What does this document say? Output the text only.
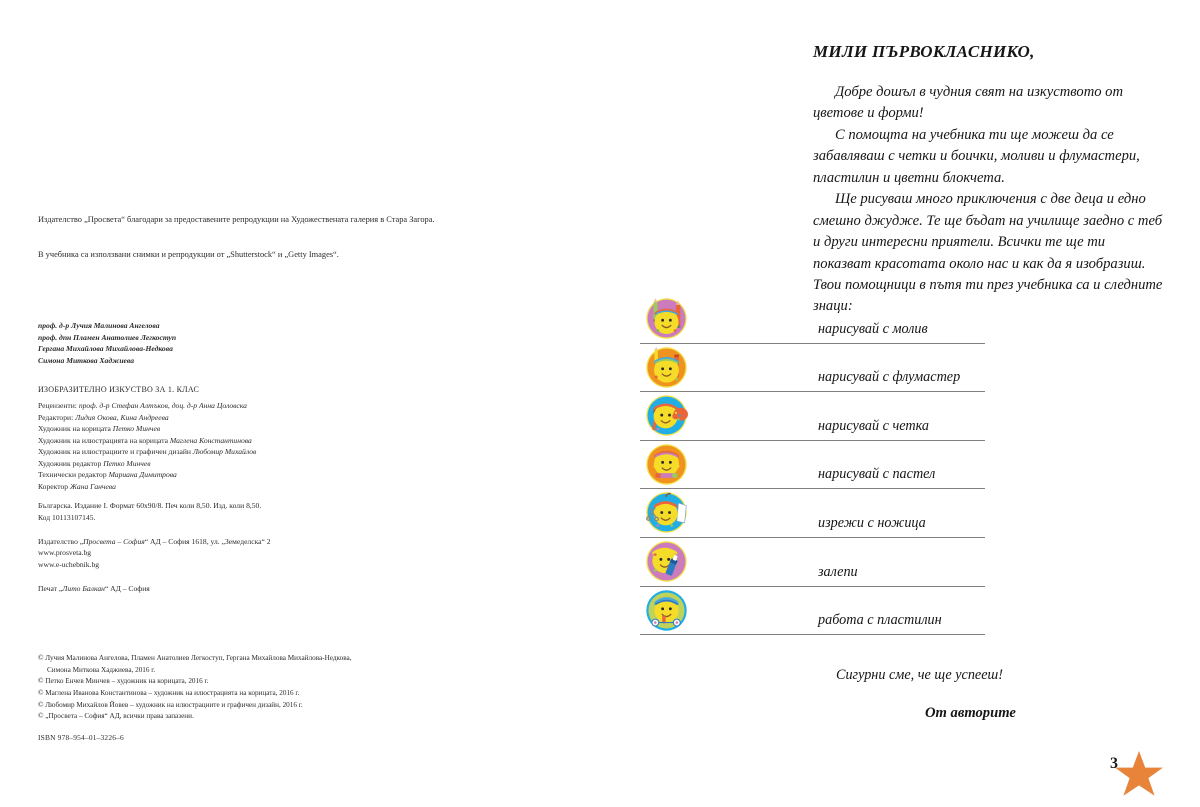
Издателство „Просвета“ благодари за предоставените репродукции на Художествената галерия в Стара Загора.
В учебника са използвани снимки и репродукции от „Shutterstock“ и „Getty Images“.
проф. д-р Лучия Малинова Ангелова
проф. дпн Пламен Анатолиев Легкоступ
Гергана Михайлова Михайлова-Недкова
Симона Миткова Хаджиева
ИЗОБРАЗИТЕЛНО ИЗКУСТВО ЗА 1. КЛАС
Рецензенти: проф. д-р Стефан Алтъков, доц. д-р Анна Цоловска
Редактори: Лидия Окова, Кина Андреева
Художник на корицата Петко Минчев
Художник на илюстрацията на корицата Маглена Константинова
Художник на илюстрациите и графичен дизайн Любомир Михайлов
Художник редактор Петко Минчев
Технически редактор Мариана Димитрова
Коректор Жана Ганчева
Българска. Издание I. Формат 60х90/8. Печ коли 8,50. Изд. коли 8,50.
Код 10113107145.
Издателство „Просвета – София“ АД – София 1618, ул. „Земеделска“ 2
www.prosveta.bg
www.e-uchebnik.bg
Печат „Лито Балкан“ АД – София
© Лучия Малинова Ангелова, Пламен Анатолиев Легкоступ, Гергана Михайлова Михайлова-Недкова,
Симона Миткова Хаджиева, 2016 г.
© Петко Енчев Минчев – художник на корицата, 2016 г.
© Маглена Иванова Константинова – художник на илюстрацията на корицата, 2016 г.
© Любомир Михайлов Йовев – художник на илюстрациите и графичен дизайн, 2016 г.
© „Просвета – София“ АД, всички права запазени.
ISBN 978–954–01–3226–6
МИЛИ ПЪРВОКЛАСНИКО,

Добре дошъл в чудния свят на изкуството от цветове и форми!

С помощта на учебника ти ще можеш да се забавляваш с четки и боички, моливи и флумастери, пластилин и цветни блокчета.

Ще рисуваш много приключения с две деца и едно смешно джудже. Те ще бъдат на училище заедно с теб и други интересни приятели. Всички те ще ти показват красотата около нас и как да я изобразиш. Твои помощници в пътя ти през учебника са и следните знаци:

нарисувай с молив
нарисувай с флумастер
нарисувай с четка
нарисувай с пастел
изрежи с ножица
залепи
работа с пластилин
Сигурни сме, че ще успееш!
От авторите
3
